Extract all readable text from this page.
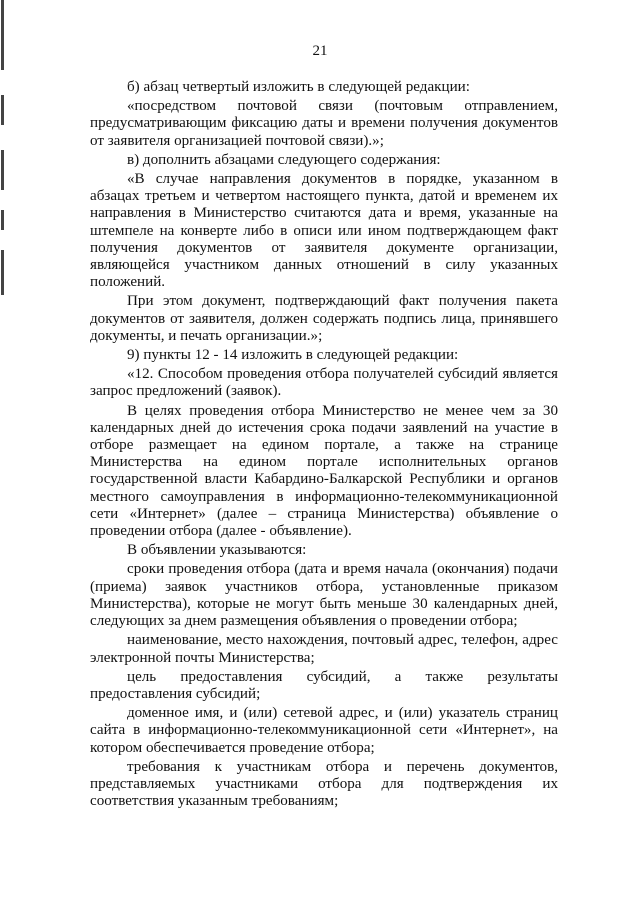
21

б) абзац четвертый изложить в следующей редакции:

«посредством почтовой связи (почтовым отправлением, предусматривающим фиксацию даты и времени получения документов от заявителя организацией почтовой связи).»;

в) дополнить абзацами следующего содержания:

«В случае направления документов в порядке, указанном в абзацах третьем и четвертом настоящего пункта, датой и временем их направления в Министерство считаются дата и время, указанные на штемпеле на конверте либо в описи или ином подтверждающем факт получения документов от заявителя документе организации, являющейся участником данных отношений в силу указанных положений.

При этом документ, подтверждающий факт получения пакета документов от заявителя, должен содержать подпись лица, принявшего документы, и печать организации.»;

9) пункты 12 - 14 изложить в следующей редакции:

«12. Способом проведения отбора получателей субсидий является запрос предложений (заявок).

В целях проведения отбора Министерство не менее чем за 30 календарных дней до истечения срока подачи заявлений на участие в отборе размещает на едином портале, а также на странице Министерства на едином портале исполнительных органов государственной власти Кабардино-Балкарской Республики и органов местного самоуправления в информационно-телекоммуникационной сети «Интернет» (далее – страница Министерства) объявление о проведении отбора (далее - объявление).

В объявлении указываются:

сроки проведения отбора (дата и время начала (окончания) подачи (приема) заявок участников отбора, установленные приказом Министерства), которые не могут быть меньше 30 календарных дней, следующих за днем размещения объявления о проведении отбора;

наименование, место нахождения, почтовый адрес, телефон, адрес электронной почты Министерства;

цель предоставления субсидий, а также результаты предоставления субсидий;

доменное имя, и (или) сетевой адрес, и (или) указатель страниц сайта в информационно-телекоммуникационной сети «Интернет», на котором обеспечивается проведение отбора;

требования к участникам отбора и перечень документов, представляемых участниками отбора для подтверждения их соответствия указанным требованиям;
